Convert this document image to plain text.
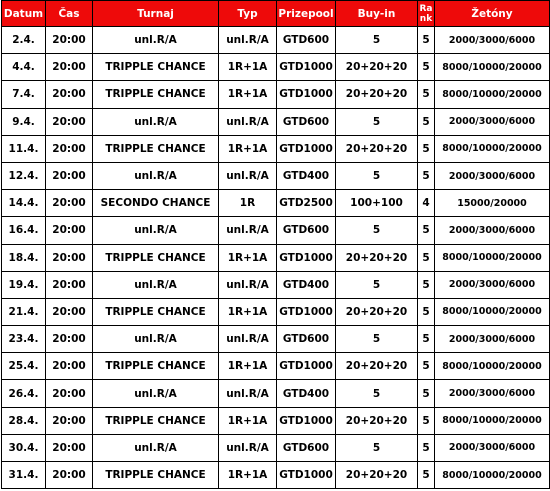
Datum	Čas	Turnaj	Typ	Prizepool	Buy-in	Rank	Žetóny
2.4.	20:00	unl.R/A	unl.R/A	GTD600	5	5	2000/3000/6000
4.4.	20:00	TRIPPLE CHANCE	1R+1A	GTD1000	20+20+20	5	8000/10000/20000
7.4.	20:00	TRIPPLE CHANCE	1R+1A	GTD1000	20+20+20	5	8000/10000/20000
9.4.	20:00	unl.R/A	unl.R/A	GTD600	5	5	2000/3000/6000
11.4.	20:00	TRIPPLE CHANCE	1R+1A	GTD1000	20+20+20	5	8000/10000/20000
12.4.	20:00	unl.R/A	unl.R/A	GTD400	5	5	2000/3000/6000
14.4.	20:00	SECONDO CHANCE	1R	GTD2500	100+100	4	15000/20000
16.4.	20:00	unl.R/A	unl.R/A	GTD600	5	5	2000/3000/6000
18.4.	20:00	TRIPPLE CHANCE	1R+1A	GTD1000	20+20+20	5	8000/10000/20000
19.4.	20:00	unl.R/A	unl.R/A	GTD400	5	5	2000/3000/6000
21.4.	20:00	TRIPPLE CHANCE	1R+1A	GTD1000	20+20+20	5	8000/10000/20000
23.4.	20:00	unl.R/A	unl.R/A	GTD600	5	5	2000/3000/6000
25.4.	20:00	TRIPPLE CHANCE	1R+1A	GTD1000	20+20+20	5	8000/10000/20000
26.4.	20:00	unl.R/A	unl.R/A	GTD400	5	5	2000/3000/6000
28.4.	20:00	TRIPPLE CHANCE	1R+1A	GTD1000	20+20+20	5	8000/10000/20000
30.4.	20:00	unl.R/A	unl.R/A	GTD600	5	5	2000/3000/6000
31.4.	20:00	TRIPPLE CHANCE	1R+1A	GTD1000	20+20+20	5	8000/10000/20000
